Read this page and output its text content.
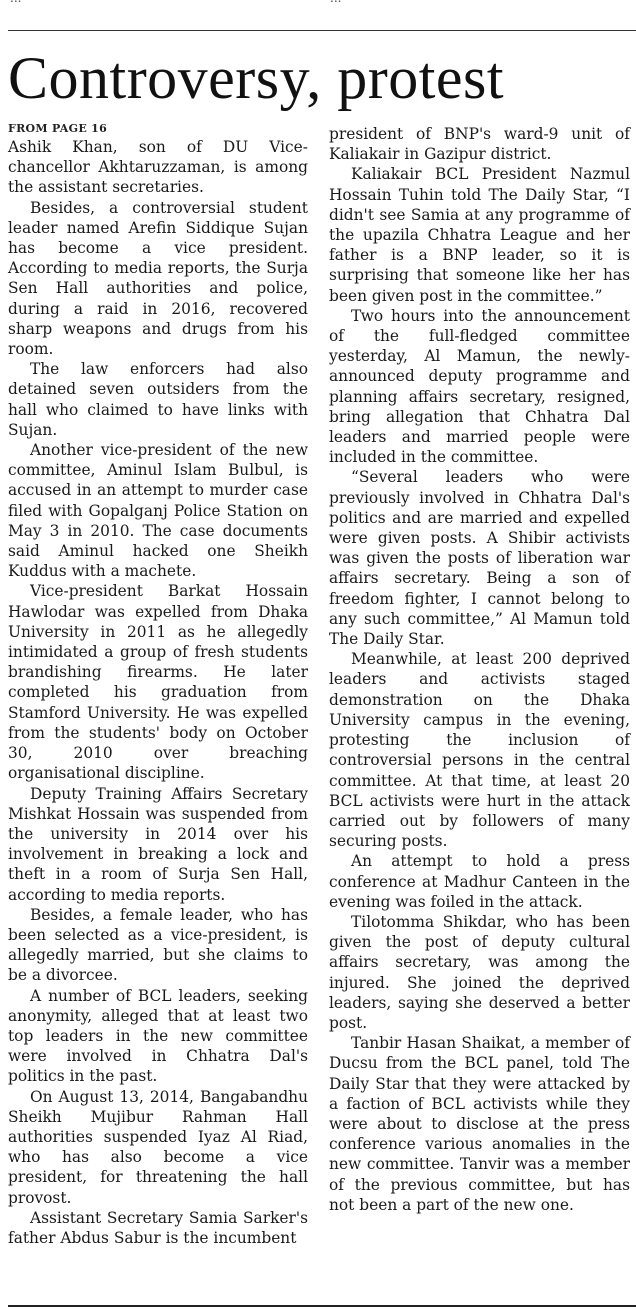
Controversy, protest
FROM PAGE 16

Ashik Khan, son of DU Vice-chancellor Akhtaruzzaman, is among the assistant secretaries.

Besides, a controversial student leader named Arefin Siddique Sujan has become a vice president. According to media reports, the Surja Sen Hall authorities and police, during a raid in 2016, recovered sharp weapons and drugs from his room.

The law enforcers had also detained seven outsiders from the hall who claimed to have links with Sujan.

Another vice-president of the new committee, Aminul Islam Bulbul, is accused in an attempt to murder case filed with Gopalganj Police Station on May 3 in 2010. The case documents said Aminul hacked one Sheikh Kuddus with a machete.

Vice-president Barkat Hossain Hawlodar was expelled from Dhaka University in 2011 as he allegedly intimidated a group of fresh students brandishing firearms. He later completed his graduation from Stamford University. He was expelled from the students' body on October 30, 2010 over breaching organisational discipline.

Deputy Training Affairs Secretary Mishkat Hossain was suspended from the university in 2014 over his involvement in breaking a lock and theft in a room of Surja Sen Hall, according to media reports.

Besides, a female leader, who has been selected as a vice-president, is allegedly married, but she claims to be a divorcee.

A number of BCL leaders, seeking anonymity, alleged that at least two top leaders in the new committee were involved in Chhatra Dal's politics in the past.

On August 13, 2014, Bangabandhu Sheikh Mujibur Rahman Hall authorities suspended Iyaz Al Riad, who has also become a vice president, for threatening the hall provost.

Assistant Secretary Samia Sarker's father Abdus Sabur is the incumbent

president of BNP's ward-9 unit of Kaliakair in Gazipur district.

Kaliakair BCL President Nazmul Hossain Tuhin told The Daily Star, “I didn't see Samia at any programme of the upazila Chhatra League and her father is a BNP leader, so it is surprising that someone like her has been given post in the committee.”

Two hours into the announcement of the full-fledged committee yesterday, Al Mamun, the newly-announced deputy programme and planning affairs secretary, resigned, bring allegation that Chhatra Dal leaders and married people were included in the committee.

“Several leaders who were previously involved in Chhatra Dal's politics and are married and expelled were given posts. A Shibir activists was given the posts of liberation war affairs secretary. Being a son of freedom fighter, I cannot belong to any such committee,” Al Mamun told The Daily Star.

Meanwhile, at least 200 deprived leaders and activists staged demonstration on the Dhaka University campus in the evening, protesting the inclusion of controversial persons in the central committee. At that time, at least 20 BCL activists were hurt in the attack carried out by followers of many securing posts.

An attempt to hold a press conference at Madhur Canteen in the evening was foiled in the attack.

Tilotomma Shikdar, who has been given the post of deputy cultural affairs secretary, was among the injured. She joined the deprived leaders, saying she deserved a better post.

Tanbir Hasan Shaikat, a member of Ducsu from the BCL panel, told The Daily Star that they were attacked by a faction of BCL activists while they were about to disclose at the press conference various anomalies in the new committee. Tanvir was a member of the previous committee, but has not been a part of the new one.
